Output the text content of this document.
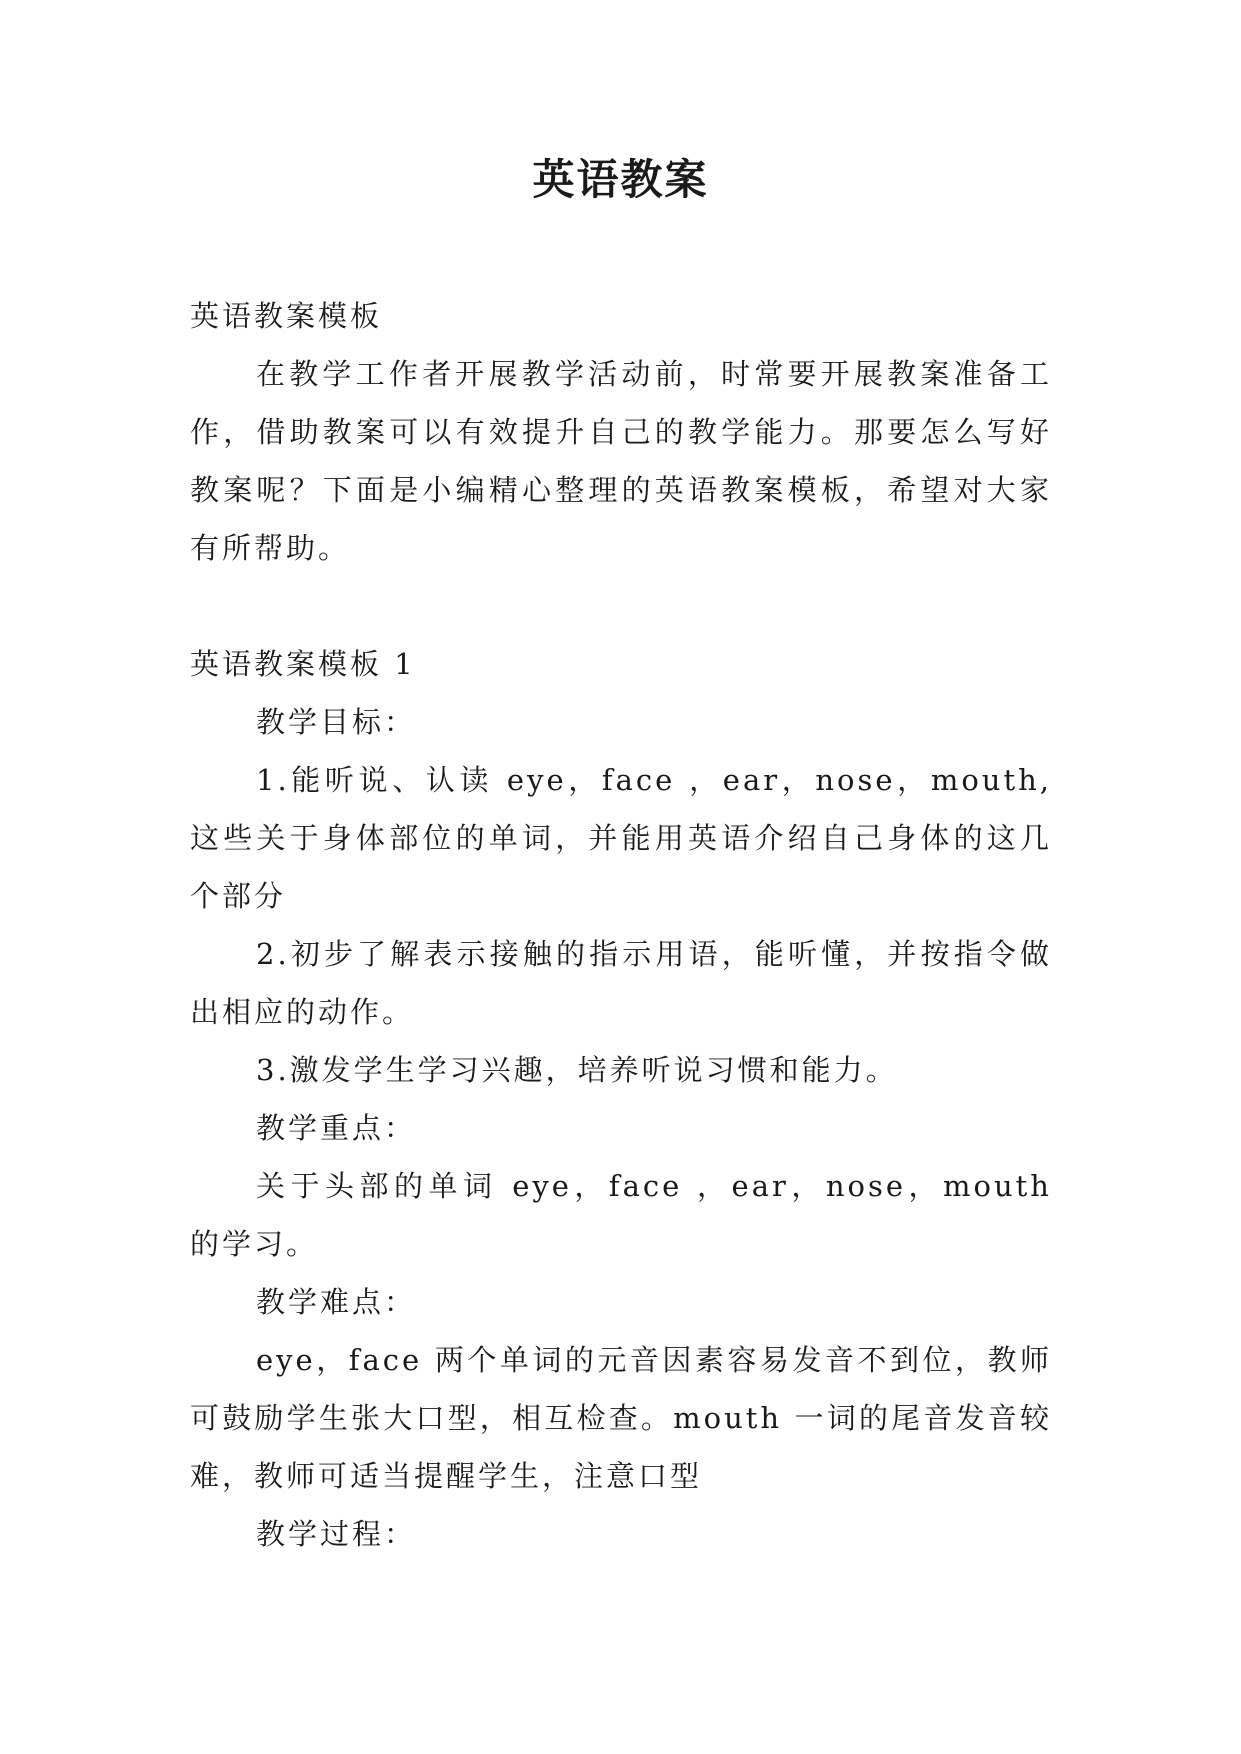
英语教案

英语教案模板

在教学工作者开展教学活动前，时常要开展教案准备工作，借助教案可以有效提升自己的教学能力。那要怎么写好教案呢？下面是小编精心整理的英语教案模板，希望对大家有所帮助。

英语教案模板 1

教学目标：

1.能听说、认读 eye，face ，ear，nose，mouth,这些关于身体部位的单词，并能用英语介绍自己身体的这几个部分

2.初步了解表示接触的指示用语，能听懂，并按指令做出相应的动作。

3.激发学生学习兴趣，培养听说习惯和能力。

教学重点：

关于头部的单词 eye，face ，ear，nose，mouth 的学习。

教学难点：

eye，face 两个单词的元音因素容易发音不到位，教师可鼓励学生张大口型，相互检查。mouth 一词的尾音发音较难，教师可适当提醒学生，注意口型

教学过程：
